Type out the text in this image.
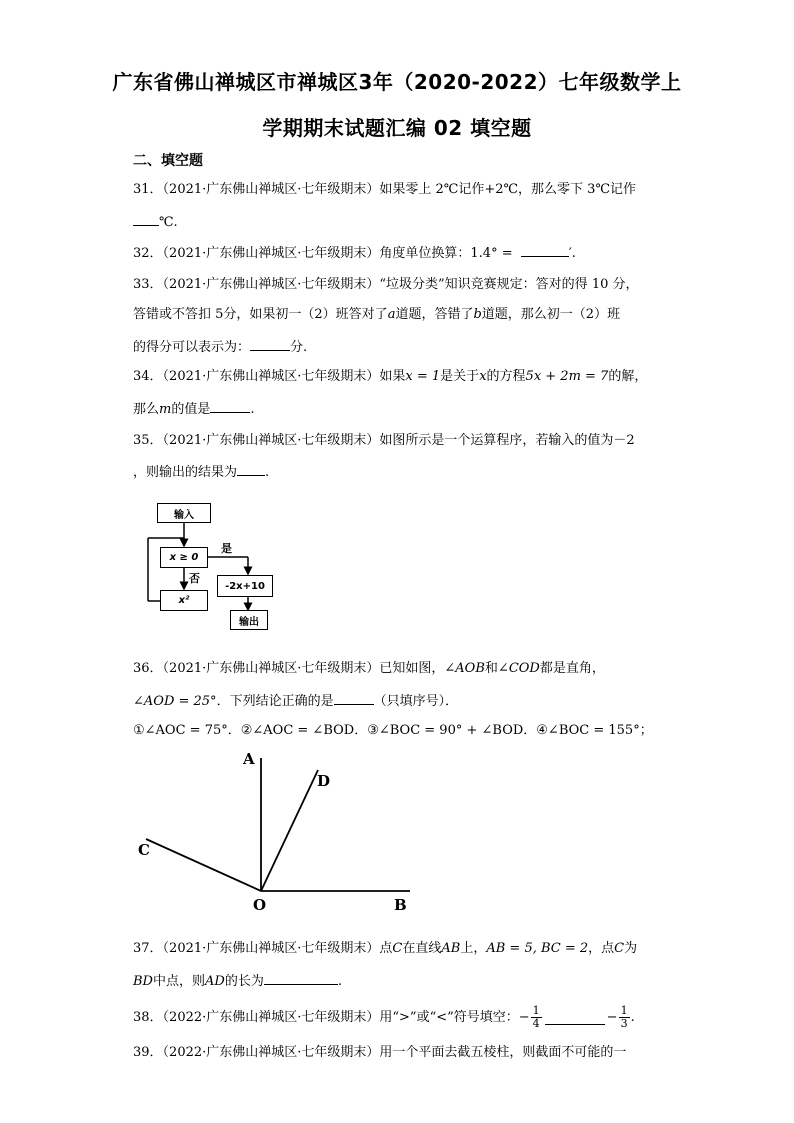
广东省佛山禅城区市禅城区3年（2020-2022）七年级数学上
学期期末试题汇编 02 填空题
二、填空题
31．（2021·广东佛山禅城区·七年级期末）如果零上 2℃记作+2℃，那么零下 3℃记作
℃.
32．（2021·广东佛山禅城区·七年级期末）角度单位换算：1.4° =	′.
33．（2021·广东佛山禅城区·七年级期末）“垃圾分类”知识竞赛规定：答对的得 10 分，
答错或不答扣 5分，如果初一（2）班答对了a道题，答错了b道题，那么初一（2）班
的得分可以表示为：	分.
34．（2021·广东佛山禅城区·七年级期末）如果x = 1是关于x的方程5x + 2m = 7的解，
那么m的值是	.
35．（2021·广东佛山禅城区·七年级期末）如图所示是一个运算程序，若输入的值为－2
，则输出的结果为 .
输入
x ≥ 0
是
否
x²
-2x+10
输出
36．（2021·广东佛山禅城区·七年级期末）已知如图，∠AOB和∠COD都是直角，
∠AOD = 25°．下列结论正确的是	（只填序号）．
①∠AOC = 75°．②∠AOC = ∠BOD．③∠BOC = 90° + ∠BOD．④∠BOC = 155°；
A
D
C
O	B
37．（2021·广东佛山禅城区·七年级期末）点C在直线AB上，AB = 5, BC = 2，点C为
BD中点，则AD的长为	.
38．（2022·广东佛山禅城区·七年级期末）用“>”或“<”符号填空： − $\frac{1}{4}$	− $\frac{1}{3}$ .
39．（2022·广东佛山禅城区·七年级期末）用一个平面去截五棱柱，则截面不可能的一
